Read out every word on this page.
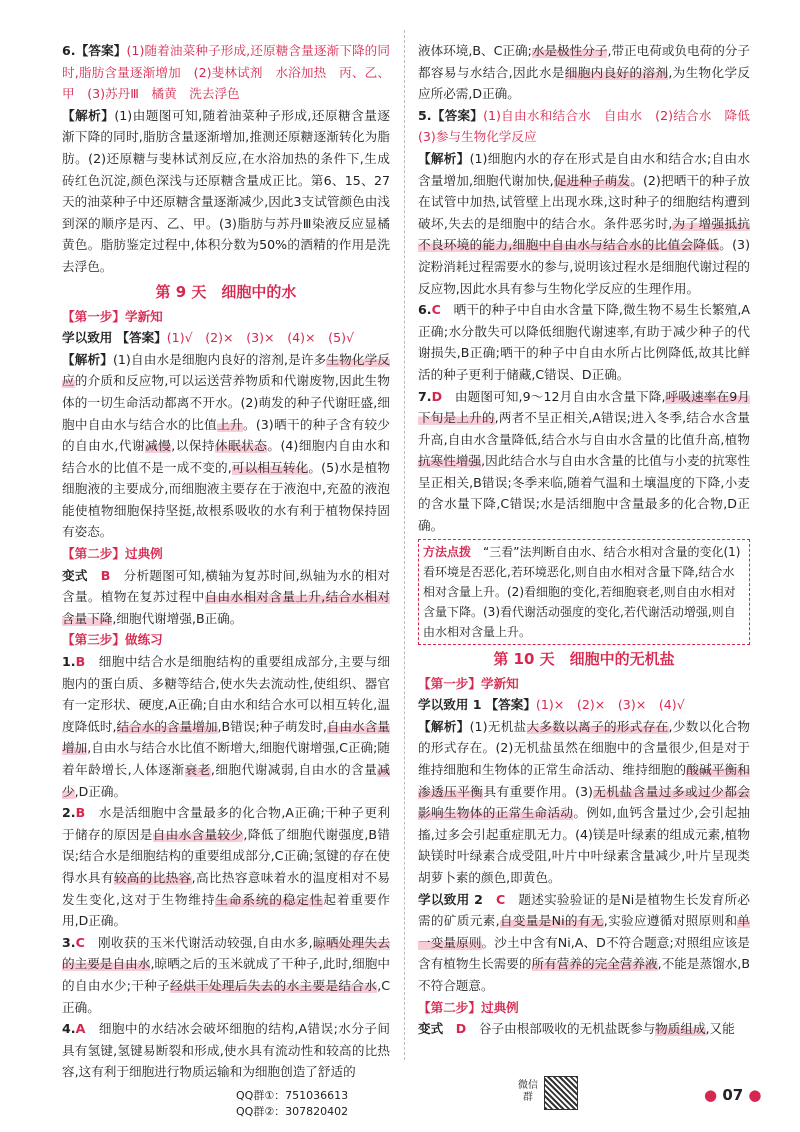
6.【答案】(1)随着油菜种子形成,还原糖含量逐渐下降的同时,脂肪含量逐渐增加　(2)斐林试剂　水浴加热　丙、乙、甲　(3)苏丹Ⅲ　橘黄　洗去浮色

【解析】(1)由题图可知,随着油菜种子形成,还原糖含量逐渐下降的同时,脂肪含量逐渐增加,推测还原糖逐渐转化为脂肪。(2)还原糖与斐林试剂反应,在水浴加热的条件下,生成砖红色沉淀,颜色深浅与还原糖含量成正比。第6、15、27天的油菜种子中还原糖含量逐渐减少,因此3支试管颜色由浅到深的顺序是丙、乙、甲。(3)脂肪与苏丹Ⅲ染液反应显橘黄色。脂肪鉴定过程中,体积分数为50%的酒精的作用是洗去浮色。

第 9 天　细胞中的水
【第一步】学新知

学以致用 【答案】(1)√　(2)×　(3)×　(4)×　(5)√

【解析】(1)自由水是细胞内良好的溶剂,是许多生物化学反应的介质和反应物,可以运送营养物质和代谢废物,因此生物体的一切生命活动都离不开水。(2)萌发的种子代谢旺盛,细胞中自由水与结合水的比值上升。(3)晒干的种子含有较少的自由水,代谢减慢,以保持休眠状态。(4)细胞内自由水和结合水的比值不是一成不变的,可以相互转化。(5)水是植物细胞液的主要成分,而细胞液主要存在于液泡中,充盈的液泡能使植物细胞保持坚挺,故根系吸收的水有利于植物保持固有姿态。

【第二步】过典例

变式　 B　 分析题图可知,横轴为复苏时间,纵轴为水的相对含量。植物在复苏过程中自由水相对含量上升,结合水相对含量下降,细胞代谢增强,B正确。

【第三步】做练习

1.B　 细胞中结合水是细胞结构的重要组成部分,主要与细胞内的蛋白质、多糖等结合,使水失去流动性,使组织、器官有一定形状、硬度,A正确;自由水和结合水可以相互转化,温度降低时,结合水的含量增加,B错误;种子萌发时,自由水含量增加,自由水与结合水比值不断增大,细胞代谢增强,C正确;随着年龄增长,人体逐渐衰老,细胞代谢减弱,自由水的含量减少,D正确。

2.B　 水是活细胞中含量最多的化合物,A正确;干种子更利于储存的原因是自由水含量较少,降低了细胞代谢强度,B错误;结合水是细胞结构的重要组成部分,C正确;氢键的存在使得水具有较高的比热容,高比热容意味着水的温度相对不易发生变化,这对于生物维持生命系统的稳定性起着重要作用,D正确。

3.C　 刚收获的玉米代谢活动较强,自由水多,晾晒处理失去的主要是自由水,晾晒之后的玉米就成了干种子,此时,细胞中的自由水少;干种子经烘干处理后失去的水主要是结合水,C正确。

4.A　 细胞中的水结冰会破坏细胞的结构,A错误;水分子间具有氢键,氢键易断裂和形成,使水具有流动性和较高的比热容,这有利于细胞进行物质运输和为细胞创造了舒适的

液体环境,B、C正确;水是极性分子,带正电荷或负电荷的分子都容易与水结合,因此水是细胞内良好的溶剂,为生物化学反应所必需,D正确。

5.【答案】(1)自由水和结合水　自由水　(2)结合水　降低　(3)参与生物化学反应

【解析】(1)细胞内水的存在形式是自由水和结合水;自由水含量增加,细胞代谢加快,促进种子萌发。(2)把晒干的种子放在试管中加热,试管壁上出现水珠,这时种子的细胞结构遭到破坏,失去的是细胞中的结合水。条件恶劣时,为了增强抵抗不良环境的能力,细胞中自由水与结合水的比值会降低。(3)淀粉消耗过程需要水的参与,说明该过程水是细胞代谢过程的反应物,因此水具有参与生物化学反应的生理作用。

6.C　 晒干的种子中自由水含量下降,微生物不易生长繁殖,A正确;水分散失可以降低细胞代谢速率,有助于减少种子的代谢损失,B正确;晒干的种子中自由水所占比例降低,故其比鲜活的种子更利于储藏,C错误、D正确。

7.D　 由题图可知,9～12月自由水含量下降,呼吸速率在9月下旬是上升的,两者不呈正相关,A错误;进入冬季,结合水含量升高,自由水含量降低,结合水与自由水含量的比值升高,植物抗寒性增强,因此结合水与自由水含量的比值与小麦的抗寒性呈正相关,B错误;冬季来临,随着气温和土壤温度的下降,小麦的含水量下降,C错误;水是活细胞中含量最多的化合物,D正确。

方法点拨　 “三看”法判断自由水、结合水相对含量的变化(1)看环境是否恶化,若环境恶化,则自由水相对含量下降,结合水相对含量上升。(2)看细胞的变化,若细胞衰老,则自由水相对含量下降。(3)看代谢活动强度的变化,若代谢活动增强,则自由水相对含量上升。
第 10 天　细胞中的无机盐
【第一步】学新知

学以致用 1 【答案】(1)×　(2)×　(3)×　(4)√

【解析】(1)无机盐大多数以离子的形式存在,少数以化合物的形式存在。(2)无机盐虽然在细胞中的含量很少,但是对于维持细胞和生物体的正常生命活动、维持细胞的酸碱平衡和渗透压平衡具有重要作用。(3)无机盐含量过多或过少都会影响生物体的正常生命活动。例如,血钙含量过少,会引起抽搐,过多会引起重症肌无力。(4)镁是叶绿素的组成元素,植物缺镁时叶绿素合成受阻,叶片中叶绿素含量减少,叶片呈现类胡萝卜素的颜色,即黄色。

学以致用 2　 C　 题述实验验证的是Ni是植物生长发育所必需的矿质元素,自变量是Ni的有无,实验应遵循对照原则和单一变量原则。沙土中含有Ni,A、D不符合题意;对照组应该是含有植物生长需要的所有营养的完全营养液,不能是蒸馏水,B不符合题意。

【第二步】过典例

变式　 D　 谷子由根部吸收的无机盐既参与物质组成,又能

QQ群①：751036613
QQ群②：307820402
微信群	● 07 ●
